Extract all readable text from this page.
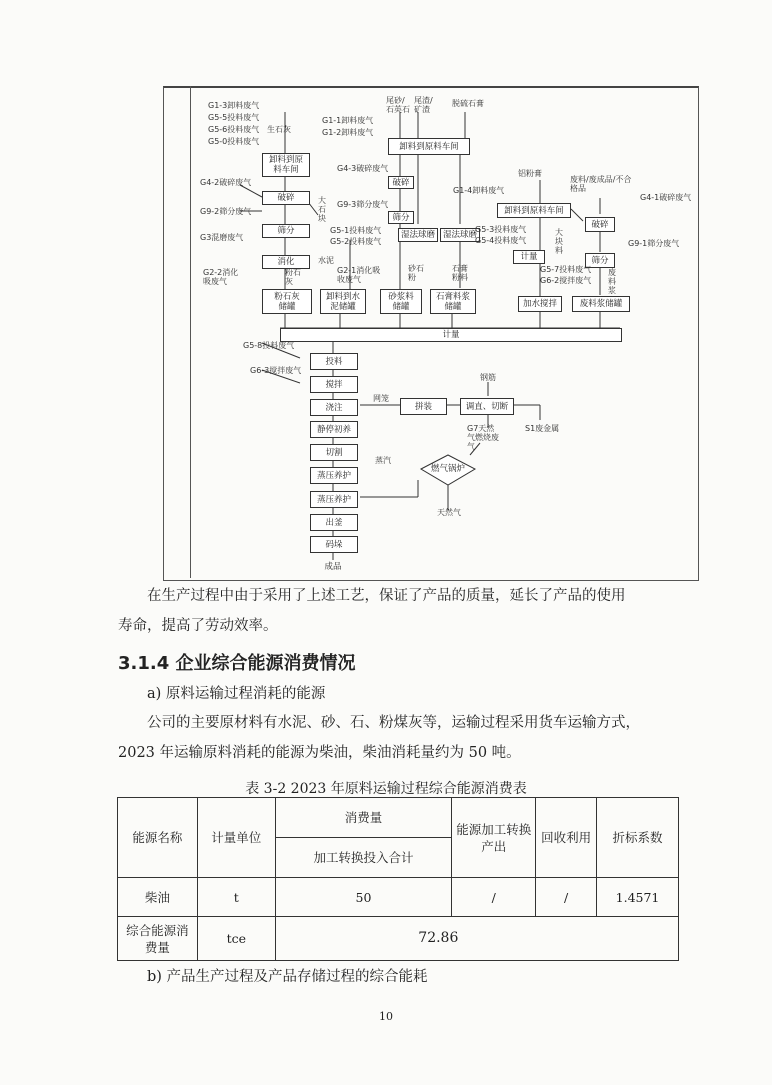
卸料到原
料车间
破碎
筛分
消化
粉石灰
储罐
卸料到原料车间
破碎
筛分
湿法球磨 湿法球磨
卸料到水
泥储罐
砂浆料
储罐
石膏料浆
储罐
卸料到原料车间
破碎
计量	筛分
加水搅拌	废料浆储罐
计量
投料
搅拌
浇注	拼装	调直、切断
静停初养
切割
蒸压养护
燃气锅炉
蒸压养护
出釜
码垛
成品
G1-3卸料废气
G5-5投料废气
G5-6投料废气
G5-0投料废气
生石灰
G4-2破碎废气
G9-2筛分废气
G3混磨废气
G2-2消化
吸废气
粉石
灰
大
石
块
尾砂/
石英石
尾渣/
矿渣
脱硫石膏
G1-1卸料废气
G1-2卸料废气
G4-3破碎废气
G9-3筛分废气
G5-1投料废气
G5-2投料废气
水泥
G2-1消化吸
收废气
砂石
粉
石膏
粉料
铝粉膏
G1-4卸料废气
G5-3投料废气
G5-4投料废气
废料/废成品/不合
格品
G4-1破碎废气
G9-1筛分废气
大
块
料
G5-7投料废气
G6-2搅拌废气
废
料
浆
G5-8投料废气
G6-3搅拌废气
钢筋
网笼
G7天然
气燃烧废
气
S1废金属
蒸汽
天然气
在生产过程中由于采用了上述工艺，保证了产品的质量，延长了产品的使用

寿命，提高了劳动效率。
3.1.4 企业综合能源消费情况
a) 原料运输过程消耗的能源
公司的主要原材料有水泥、砂、石、粉煤灰等，运输过程采用货车运输方式，
2023 年运输原料消耗的能源为柴油，柴油消耗量约为 50 吨。
表 3-2 2023 年原料运输过程综合能源消费表
能源名称	计量单位	消费量	能源加工转换产出	回收利用	折标系数
		加工转换投入合计			
柴油	t	50	/	/	1.4571
综合能源消费量	tce	72.86			
b) 产品生产过程及产品存储过程的综合能耗
10
